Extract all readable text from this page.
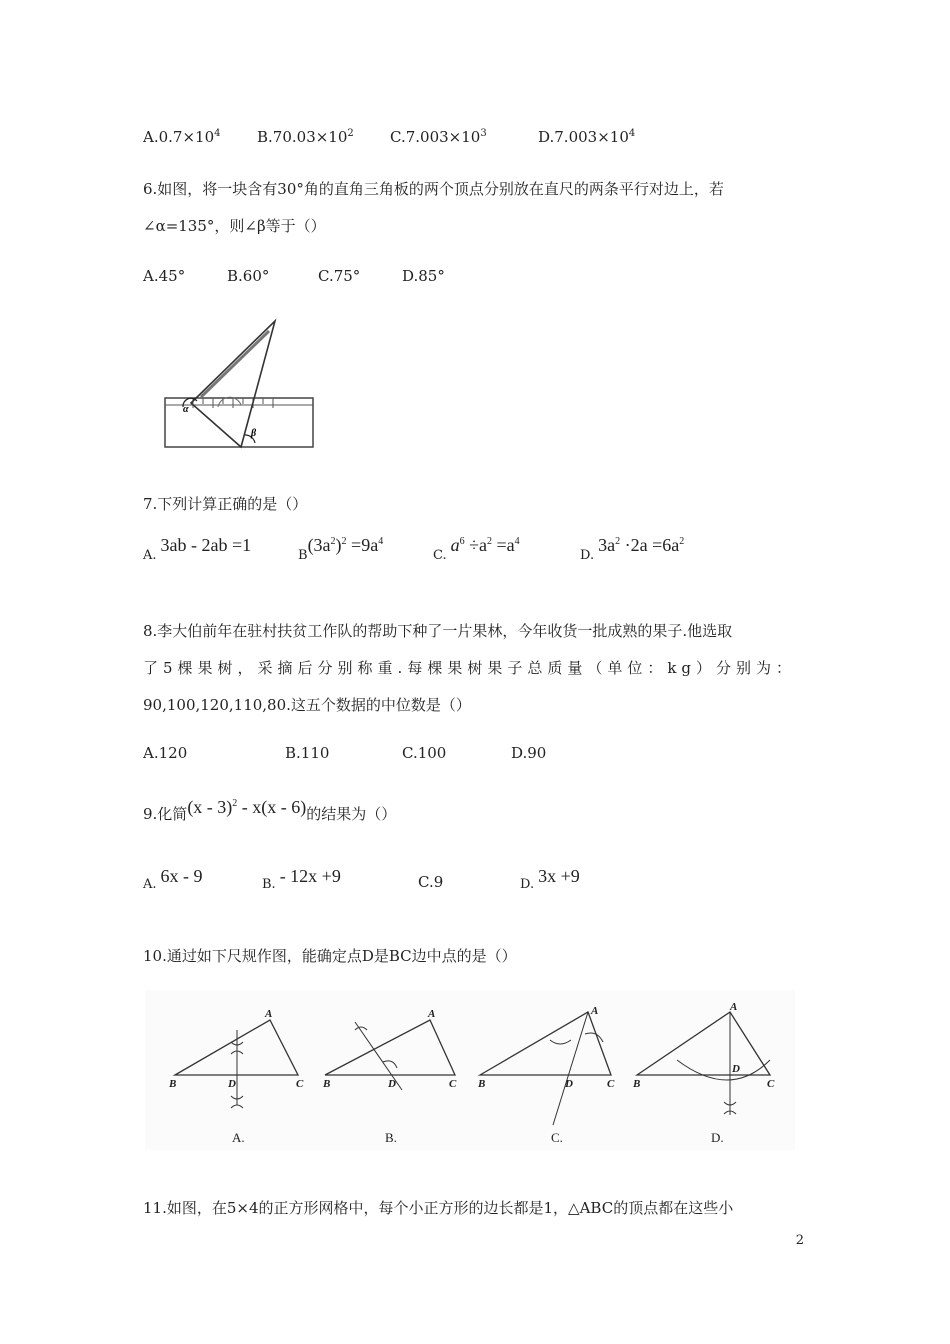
$A.0.7\times 10^4$ $B.70.03\times 10^2$ $C.7.003\times 10^3$	$D.7.003\times 10^4$
6.如图，将一块含有30°角的直角三角板的两个顶点分别放在直尺的两条平行对边上，若
∠α=135°，则∠β等于（）
A.45°	B.60°	C.75°	D.85°
α
β
7.下列计算正确的是（）
A.3ab - 2ab =1
$B(3a^2)^2 =9a^4$
$C.a^6 \div a^2 =a^4$
$D.3a^2 \cdot 2a =6a^2$
8.李大伯前年在驻村扶贫工作队的帮助下种了一片果林，今年收货一批成熟的果子.他选取
了5棵果树，采摘后分别称重.每棵果树果子总质量（单位：kg）分别为：
90,100,120,110,80.这五个数据的中位数是（）
A.120	B.110	C.100	D.90
9.化简(x - 3)$^2$ - x(x - 6)的结果为（）
A. 6x - 9	B. - 12x +9	C.9	D. 3x +9
10.通过如下尺规作图，能确定点D是BC边中点的是（）
B
A
C
D	B
A
C
D	B
A
C
D	B
A
C
D
A.	B.	C.	D.
11.如图，在5×4的正方形网格中，每个小正方形的边长都是1，△ABC的顶点都在这些小
2
